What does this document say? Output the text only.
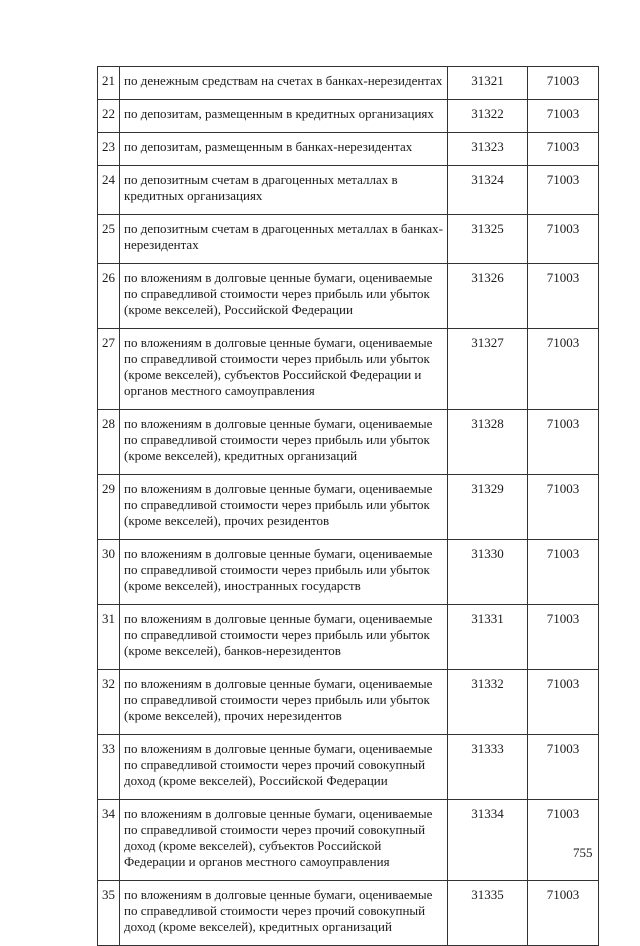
21	по денежным средствам на счетах в банках-нерезидентах	31321	71003
22	по депозитам, размещенным в кредитных организациях	31322	71003
23	по депозитам, размещенным в банках-нерезидентах	31323	71003
24	по депозитным счетам в драгоценных металлах в кредитных организациях	31324	71003
25	по депозитным счетам в драгоценных металлах в банках-нерезидентах	31325	71003
26	по вложениям в долговые ценные бумаги, оцениваемые по справедливой стоимости через прибыль или убыток (кроме векселей), Российской Федерации	31326	71003
27	по вложениям в долговые ценные бумаги, оцениваемые по справедливой стоимости через прибыль или убыток (кроме векселей), субъектов Российской Федерации и органов местного самоуправления	31327	71003
28	по вложениям в долговые ценные бумаги, оцениваемые по справедливой стоимости через прибыль или убыток (кроме векселей), кредитных организаций	31328	71003
29	по вложениям в долговые ценные бумаги, оцениваемые по справедливой стоимости через прибыль или убыток (кроме векселей), прочих резидентов	31329	71003
30	по вложениям в долговые ценные бумаги, оцениваемые по справедливой стоимости через прибыль или убыток (кроме векселей), иностранных государств	31330	71003
31	по вложениям в долговые ценные бумаги, оцениваемые по справедливой стоимости через прибыль или убыток (кроме векселей), банков-нерезидентов	31331	71003
32	по вложениям в долговые ценные бумаги, оцениваемые по справедливой стоимости через прибыль или убыток (кроме векселей), прочих нерезидентов	31332	71003
33	по вложениям в долговые ценные бумаги, оцениваемые по справедливой стоимости через прочий совокупный доход (кроме векселей), Российской Федерации	31333	71003
34	по вложениям в долговые ценные бумаги, оцениваемые по справедливой стоимости через прочий совокупный доход (кроме векселей), субъектов Российской Федерации и органов местного самоуправления	31334	71003
35	по вложениям в долговые ценные бумаги, оцениваемые по справедливой стоимости через прочий совокупный доход (кроме векселей), кредитных организаций	31335	71003
755
